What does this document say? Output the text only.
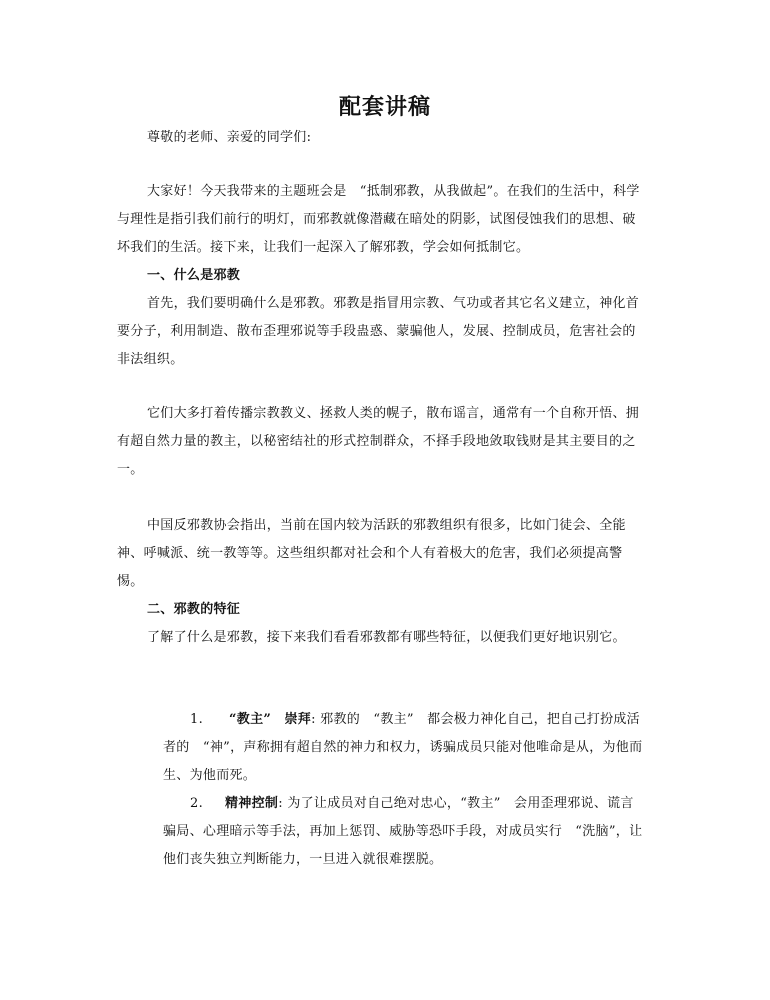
配套讲稿
尊敬的老师、亲爱的同学们:
大家好！今天我带来的主题班会是　“抵制邪教，从我做起”。在我们的生活中，科学
与理性是指引我们前行的明灯，而邪教就像潜藏在暗处的阴影，试图侵蚀我们的思想、破
坏我们的生活。接下来，让我们一起深入了解邪教，学会如何抵制它。
一、什么是邪教
首先，我们要明确什么是邪教。邪教是指冒用宗教、气功或者其它名义建立，神化首
要分子，利用制造、散布歪理邪说等手段蛊惑、蒙骗他人，发展、控制成员，危害社会的
非法组织。
它们大多打着传播宗教教义、拯救人类的幌子，散布谣言，通常有一个自称开悟、拥
有超自然力量的教主，以秘密结社的形式控制群众，不择手段地敛取钱财是其主要目的之
一。
中国反邪教协会指出，当前在国内较为活跃的邪教组织有很多，比如门徒会、全能
神、呼喊派、统一教等等。这些组织都对社会和个人有着极大的危害，我们必须提高警
惕。
二、邪教的特征
了解了什么是邪教，接下来我们看看邪教都有哪些特征，以便我们更好地识别它。
1. “教主”　崇拜: 邪教的　“教主”　都会极力神化自己，把自己打扮成活
者的　“神”，声称拥有超自然的神力和权力，诱骗成员只能对他唯命是从，为他而
生、为他而死。
2. 精神控制: 为了让成员对自己绝对忠心，“教主”　会用歪理邪说、谎言
骗局、心理暗示等手法，再加上惩罚、威胁等恐吓手段，对成员实行　“洗脑”，让
他们丧失独立判断能力，一旦进入就很难摆脱。
